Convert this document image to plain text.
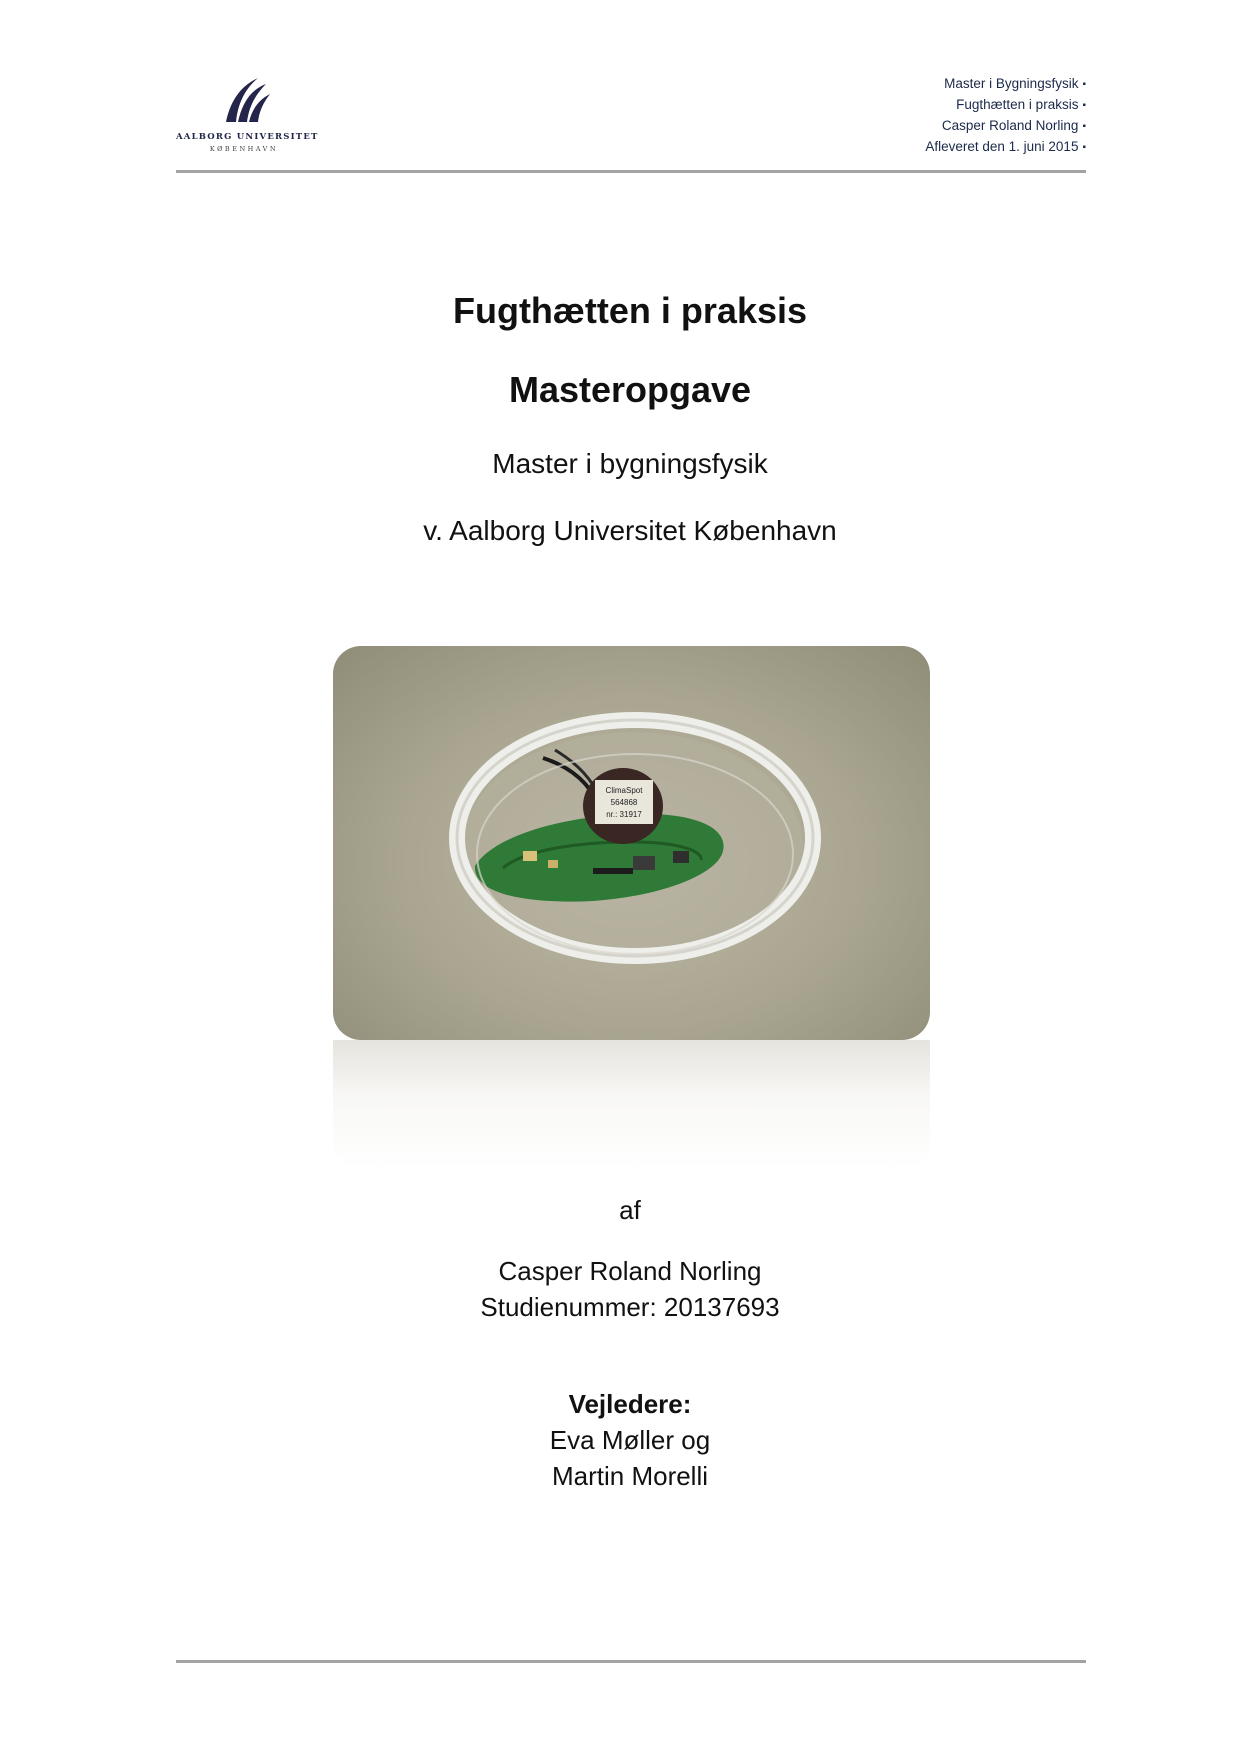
AALBORG UNIVERSITET
KØBENHAVN
Master i Bygningsfysik ▪
Fugthætten i praksis ▪
Casper Roland Norling ▪
Afleveret den 1. juni 2015 ▪
Fugthætten i praksis
Masteropgave
Master i bygningsfysik
v. Aalborg Universitet København
ClimaSpot
564868
nr.: 31917
af
Casper Roland Norling
Studienummer: 20137693
Vejledere:
Eva Møller og
Martin Morelli
